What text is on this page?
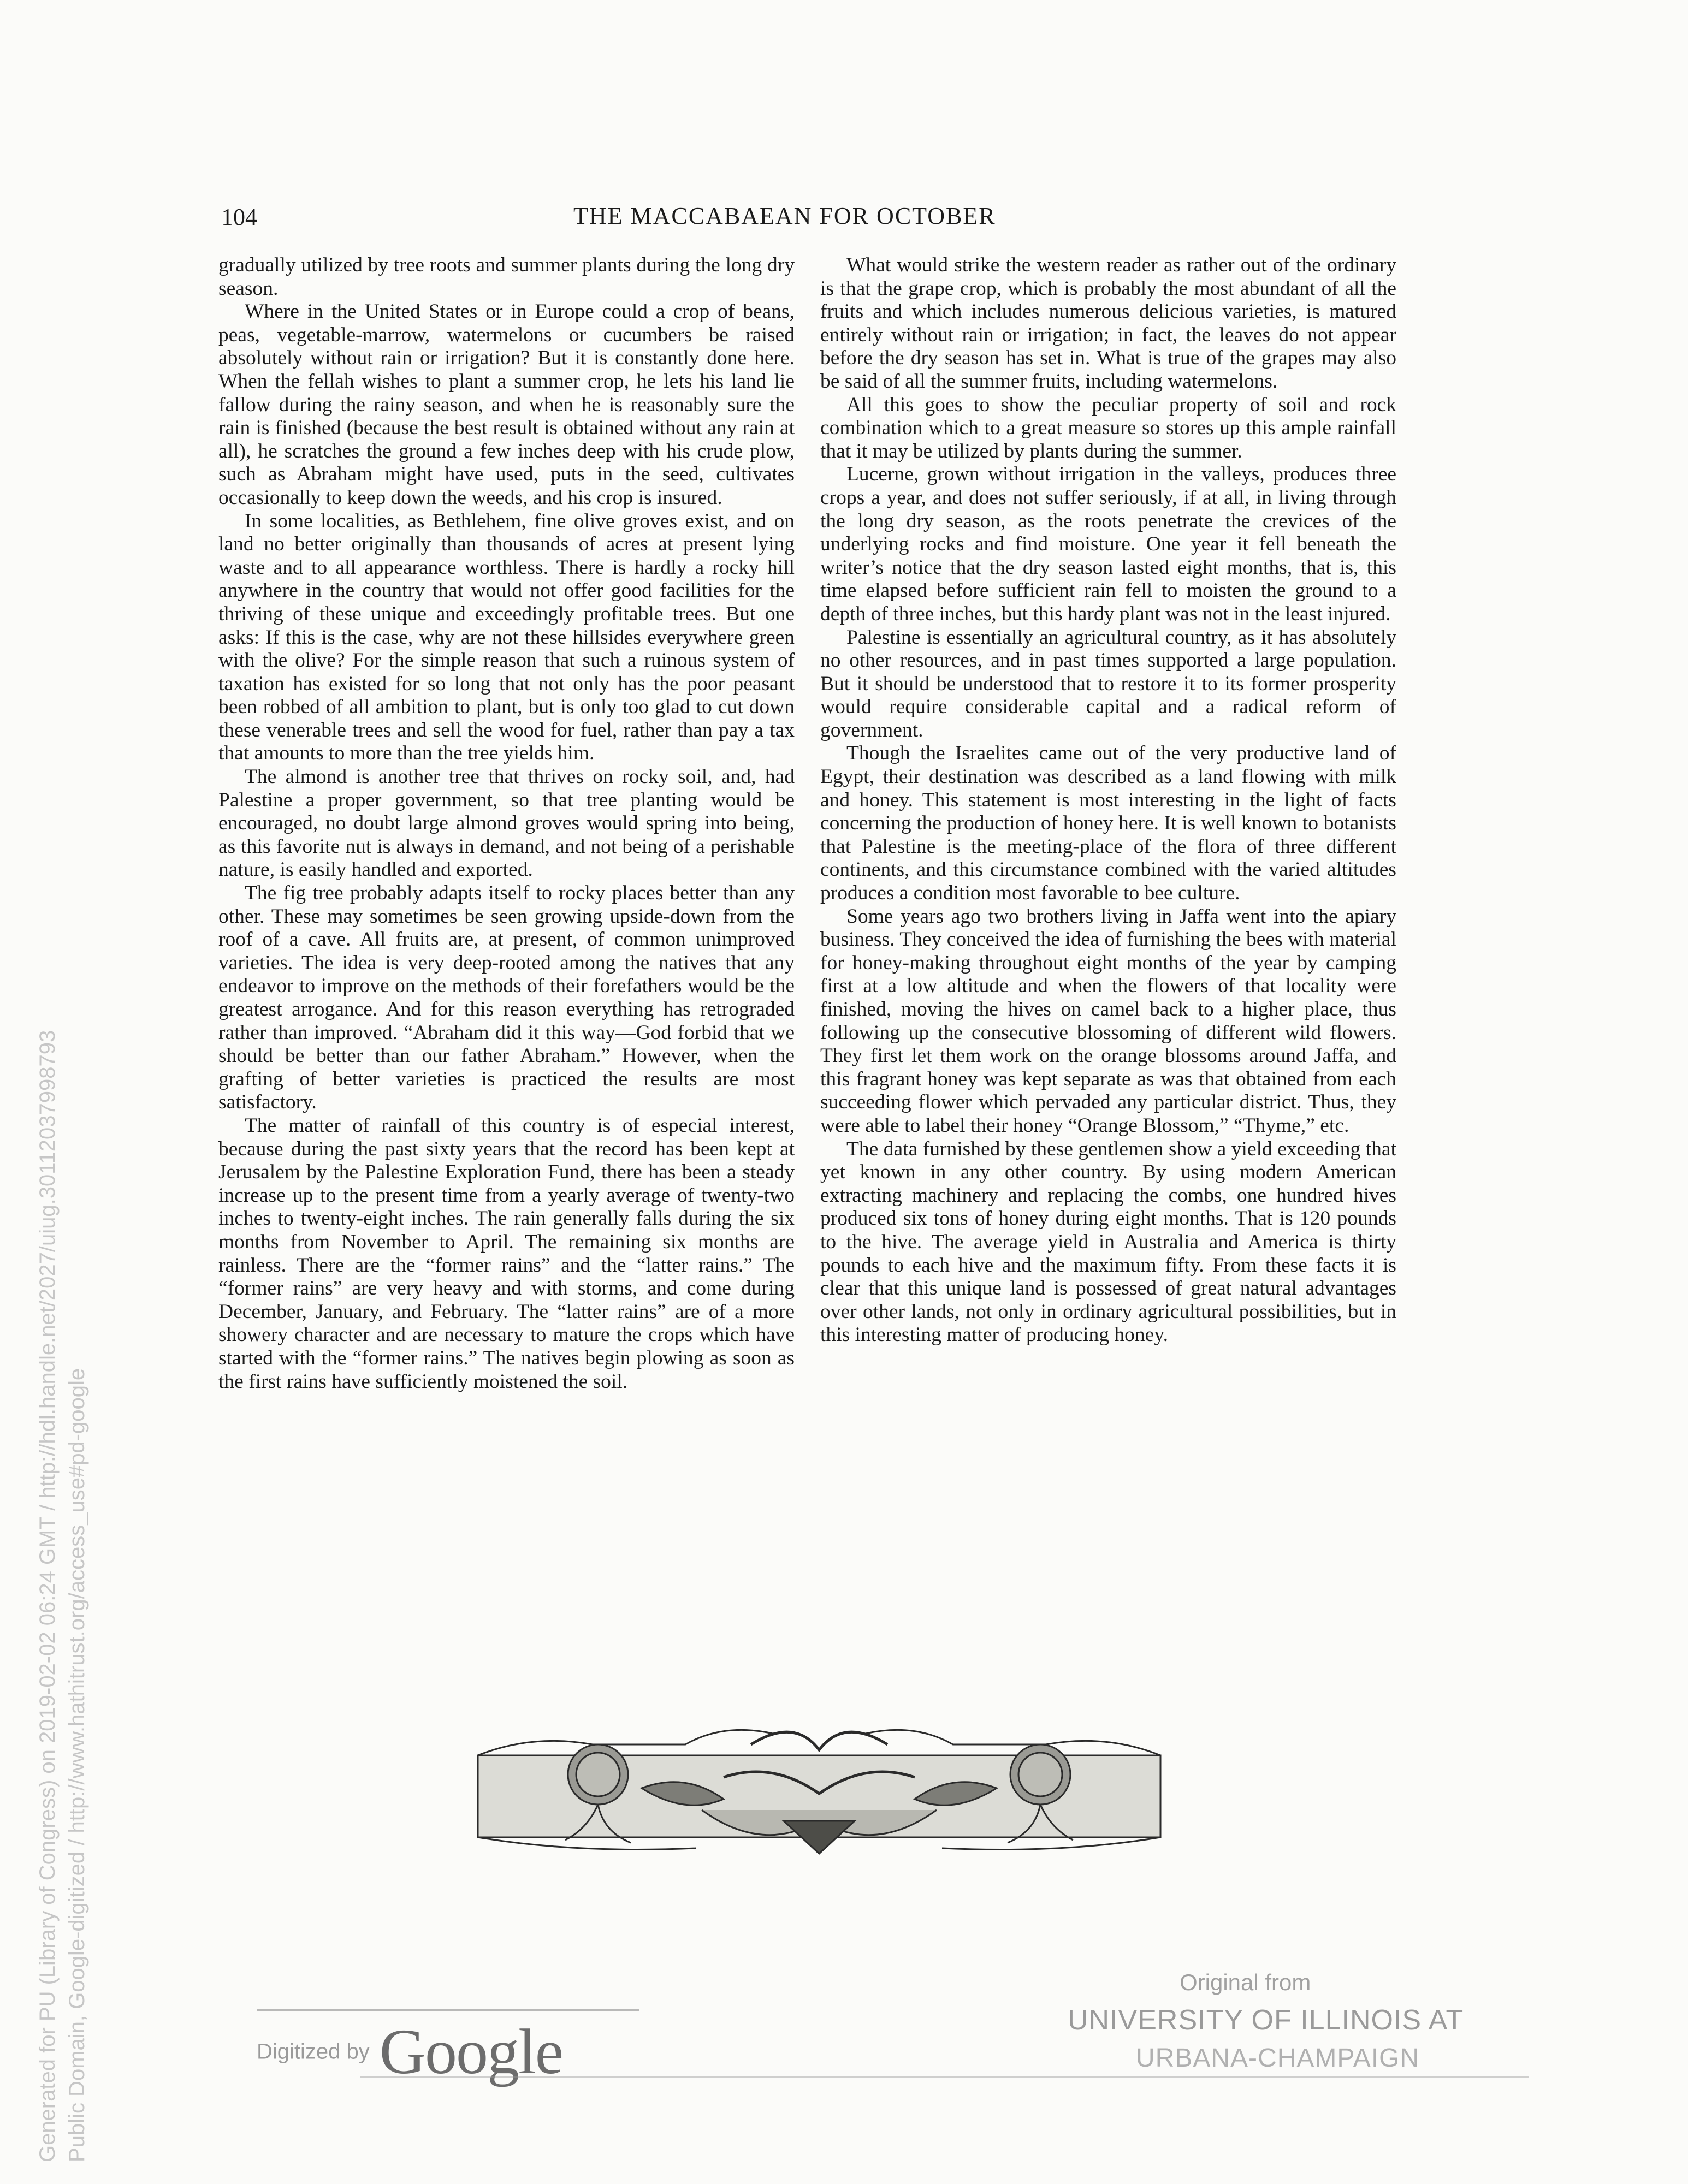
104	THE MACCABAEAN FOR OCTOBER

gradually utilized by tree roots and summer plants during the long dry season.

Where in the United States or in Europe could a crop of beans, peas, vegetable-marrow, watermelons or cucumbers be raised absolutely without rain or irrigation? But it is constantly done here. When the fellah wishes to plant a summer crop, he lets his land lie fallow during the rainy season, and when he is reasonably sure the rain is finished (because the best result is obtained without any rain at all), he scratches the ground a few inches deep with his crude plow, such as Abraham might have used, puts in the seed, cultivates occasionally to keep down the weeds, and his crop is insured.

In some localities, as Bethlehem, fine olive groves exist, and on land no better originally than thousands of acres at present lying waste and to all appearance worthless. There is hardly a rocky hill anywhere in the country that would not offer good facilities for the thriving of these unique and exceedingly profitable trees. But one asks: If this is the case, why are not these hillsides everywhere green with the olive? For the simple reason that such a ruinous system of taxation has existed for so long that not only has the poor peasant been robbed of all ambition to plant, but is only too glad to cut down these venerable trees and sell the wood for fuel, rather than pay a tax that amounts to more than the tree yields him.

The almond is another tree that thrives on rocky soil, and, had Palestine a proper government, so that tree planting would be encouraged, no doubt large almond groves would spring into being, as this favorite nut is always in demand, and not being of a perishable nature, is easily handled and exported.

The fig tree probably adapts itself to rocky places better than any other. These may sometimes be seen growing upside-down from the roof of a cave. All fruits are, at present, of common unimproved varieties. The idea is very deep-rooted among the natives that any endeavor to improve on the methods of their forefathers would be the greatest arrogance. And for this reason everything has retrograded rather than improved. “Abraham did it this way—God forbid that we should be better than our father Abraham.” However, when the grafting of better varieties is practiced the results are most satisfactory.

The matter of rainfall of this country is of especial interest, because during the past sixty years that the record has been kept at Jerusalem by the Palestine Exploration Fund, there has been a steady increase up to the present time from a yearly average of twenty-two inches to twenty-eight inches. The rain generally falls during the six months from November to April. The remaining six months are rainless. There are the “former rains” and the “latter rains.” The “former rains” are very heavy and with storms, and come during December, January, and February. The “latter rains” are of a more showery character and are necessary to mature the crops which have started with the “former rains.” The natives begin plowing as soon as the first rains have sufficiently moistened the soil.

What would strike the western reader as rather out of the ordinary is that the grape crop, which is probably the most abundant of all the fruits and which includes numerous delicious varieties, is matured entirely without rain or irrigation; in fact, the leaves do not appear before the dry season has set in. What is true of the grapes may also be said of all the summer fruits, including watermelons.

All this goes to show the peculiar property of soil and rock combination which to a great measure so stores up this ample rainfall that it may be utilized by plants during the summer.

Lucerne, grown without irrigation in the valleys, produces three crops a year, and does not suffer seriously, if at all, in living through the long dry season, as the roots penetrate the crevices of the underlying rocks and find moisture. One year it fell beneath the writer’s notice that the dry season lasted eight months, that is, this time elapsed before sufficient rain fell to moisten the ground to a depth of three inches, but this hardy plant was not in the least injured.

Palestine is essentially an agricultural country, as it has absolutely no other resources, and in past times supported a large population. But it should be understood that to restore it to its former prosperity would require considerable capital and a radical reform of government.

Though the Israelites came out of the very productive land of Egypt, their destination was described as a land flowing with milk and honey. This statement is most interesting in the light of facts concerning the production of honey here. It is well known to botanists that Palestine is the meeting-place of the flora of three different continents, and this circumstance combined with the varied altitudes produces a condition most favorable to bee culture.

Some years ago two brothers living in Jaffa went into the apiary business. They conceived the idea of furnishing the bees with material for honey-making throughout eight months of the year by camping first at a low altitude and when the flowers of that locality were finished, moving the hives on camel back to a higher place, thus following up the consecutive blossoming of different wild flowers. They first let them work on the orange blossoms around Jaffa, and this fragrant honey was kept separate as was that obtained from each succeeding flower which pervaded any particular district. Thus, they were able to label their honey “Orange Blossom,” “Thyme,” etc.

The data furnished by these gentlemen show a yield exceeding that yet known in any other country. By using modern American extracting machinery and replacing the combs, one hundred hives produced six tons of honey during eight months. That is 120 pounds to the hive. The average yield in Australia and America is thirty pounds to each hive and the maximum fifty. From these facts it is clear that this unique land is possessed of great natural advantages over other lands, not only in ordinary agricultural possibilities, but in this interesting matter of producing honey.

Digitized by Google
Original from
UNIVERSITY OF ILLINOIS AT
URBANA-CHAMPAIGN
Generated for PU (Library of Congress) on 2019-02-02 06:24 GMT / http://hdl.handle.net/2027/uiug.30112037998793 Public Domain, Google-digitized / http://www.hathitrust.org/access_use#pd-google
